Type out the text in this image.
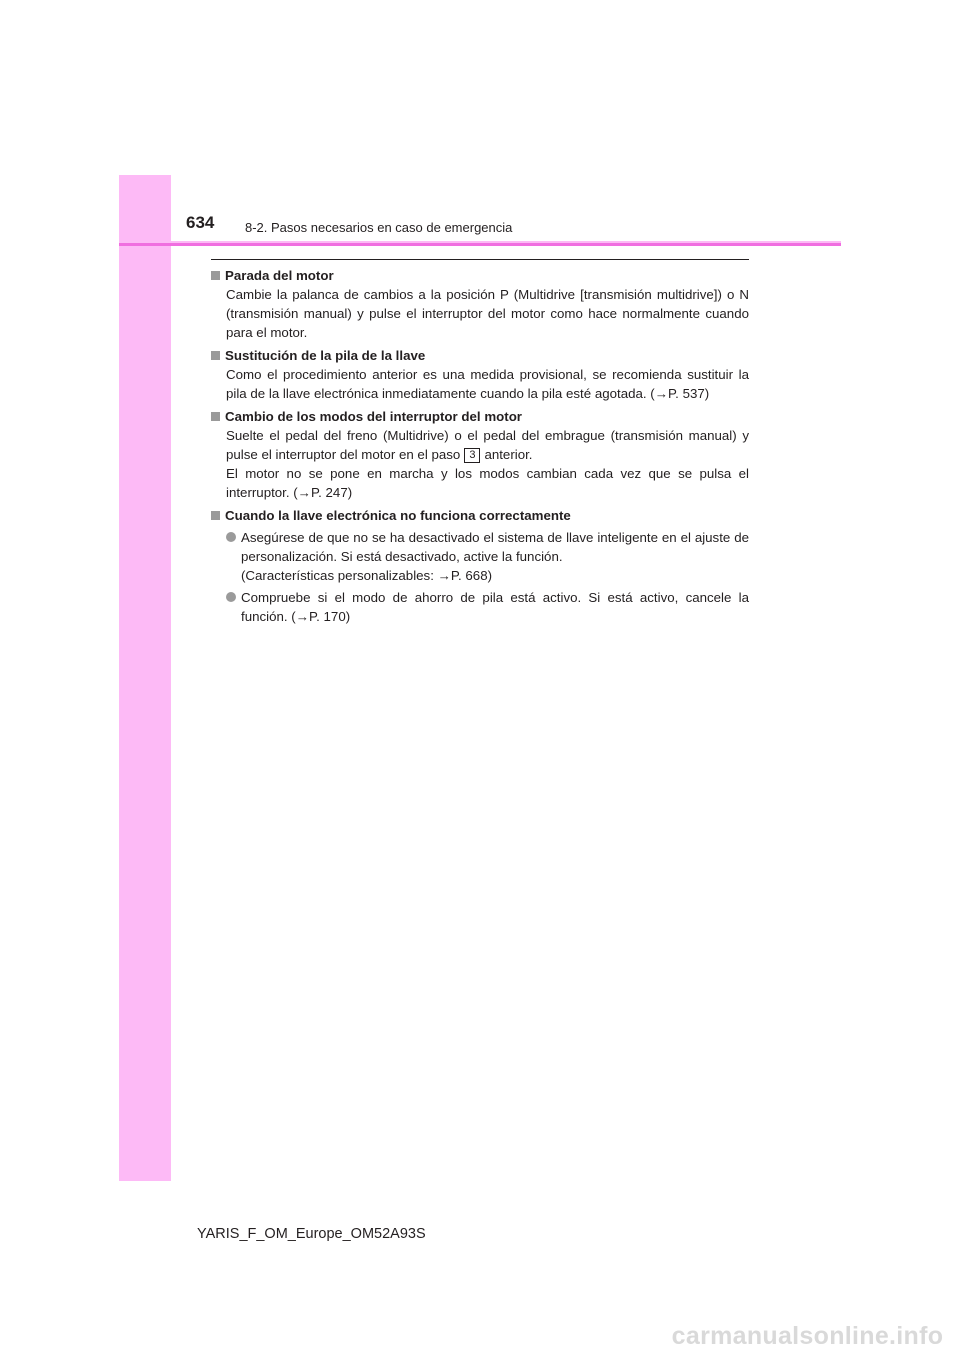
634 8-2. Pasos necesarios en caso de emergencia
Parada del motor

Cambie la palanca de cambios a la posición P (Multidrive [transmisión multidrive]) o N (transmisión manual) y pulse el interruptor del motor como hace normalmente cuando para el motor.

Sustitución de la pila de la llave

Como el procedimiento anterior es una medida provisional, se recomienda sustituir la pila de la llave electrónica inmediatamente cuando la pila esté agotada. (→P. 537)

Cambio de los modos del interruptor del motor

Suelte el pedal del freno (Multidrive) o el pedal del embrague (transmisión manual) y pulse el interruptor del motor en el paso 3 anterior.

El motor no se pone en marcha y los modos cambian cada vez que se pulsa el interruptor. (→P. 247)

Cuando la llave electrónica no funciona correctamente

Asegúrese de que no se ha desactivado el sistema de llave inteligente en el ajuste de personalización. Si está desactivado, active la función.

(Características personalizables: →P. 668)

Compruebe si el modo de ahorro de pila está activo. Si está activo, cancele la función. (→P. 170)

YARIS_F_OM_Europe_OM52A93S
carmanualsonline.info
